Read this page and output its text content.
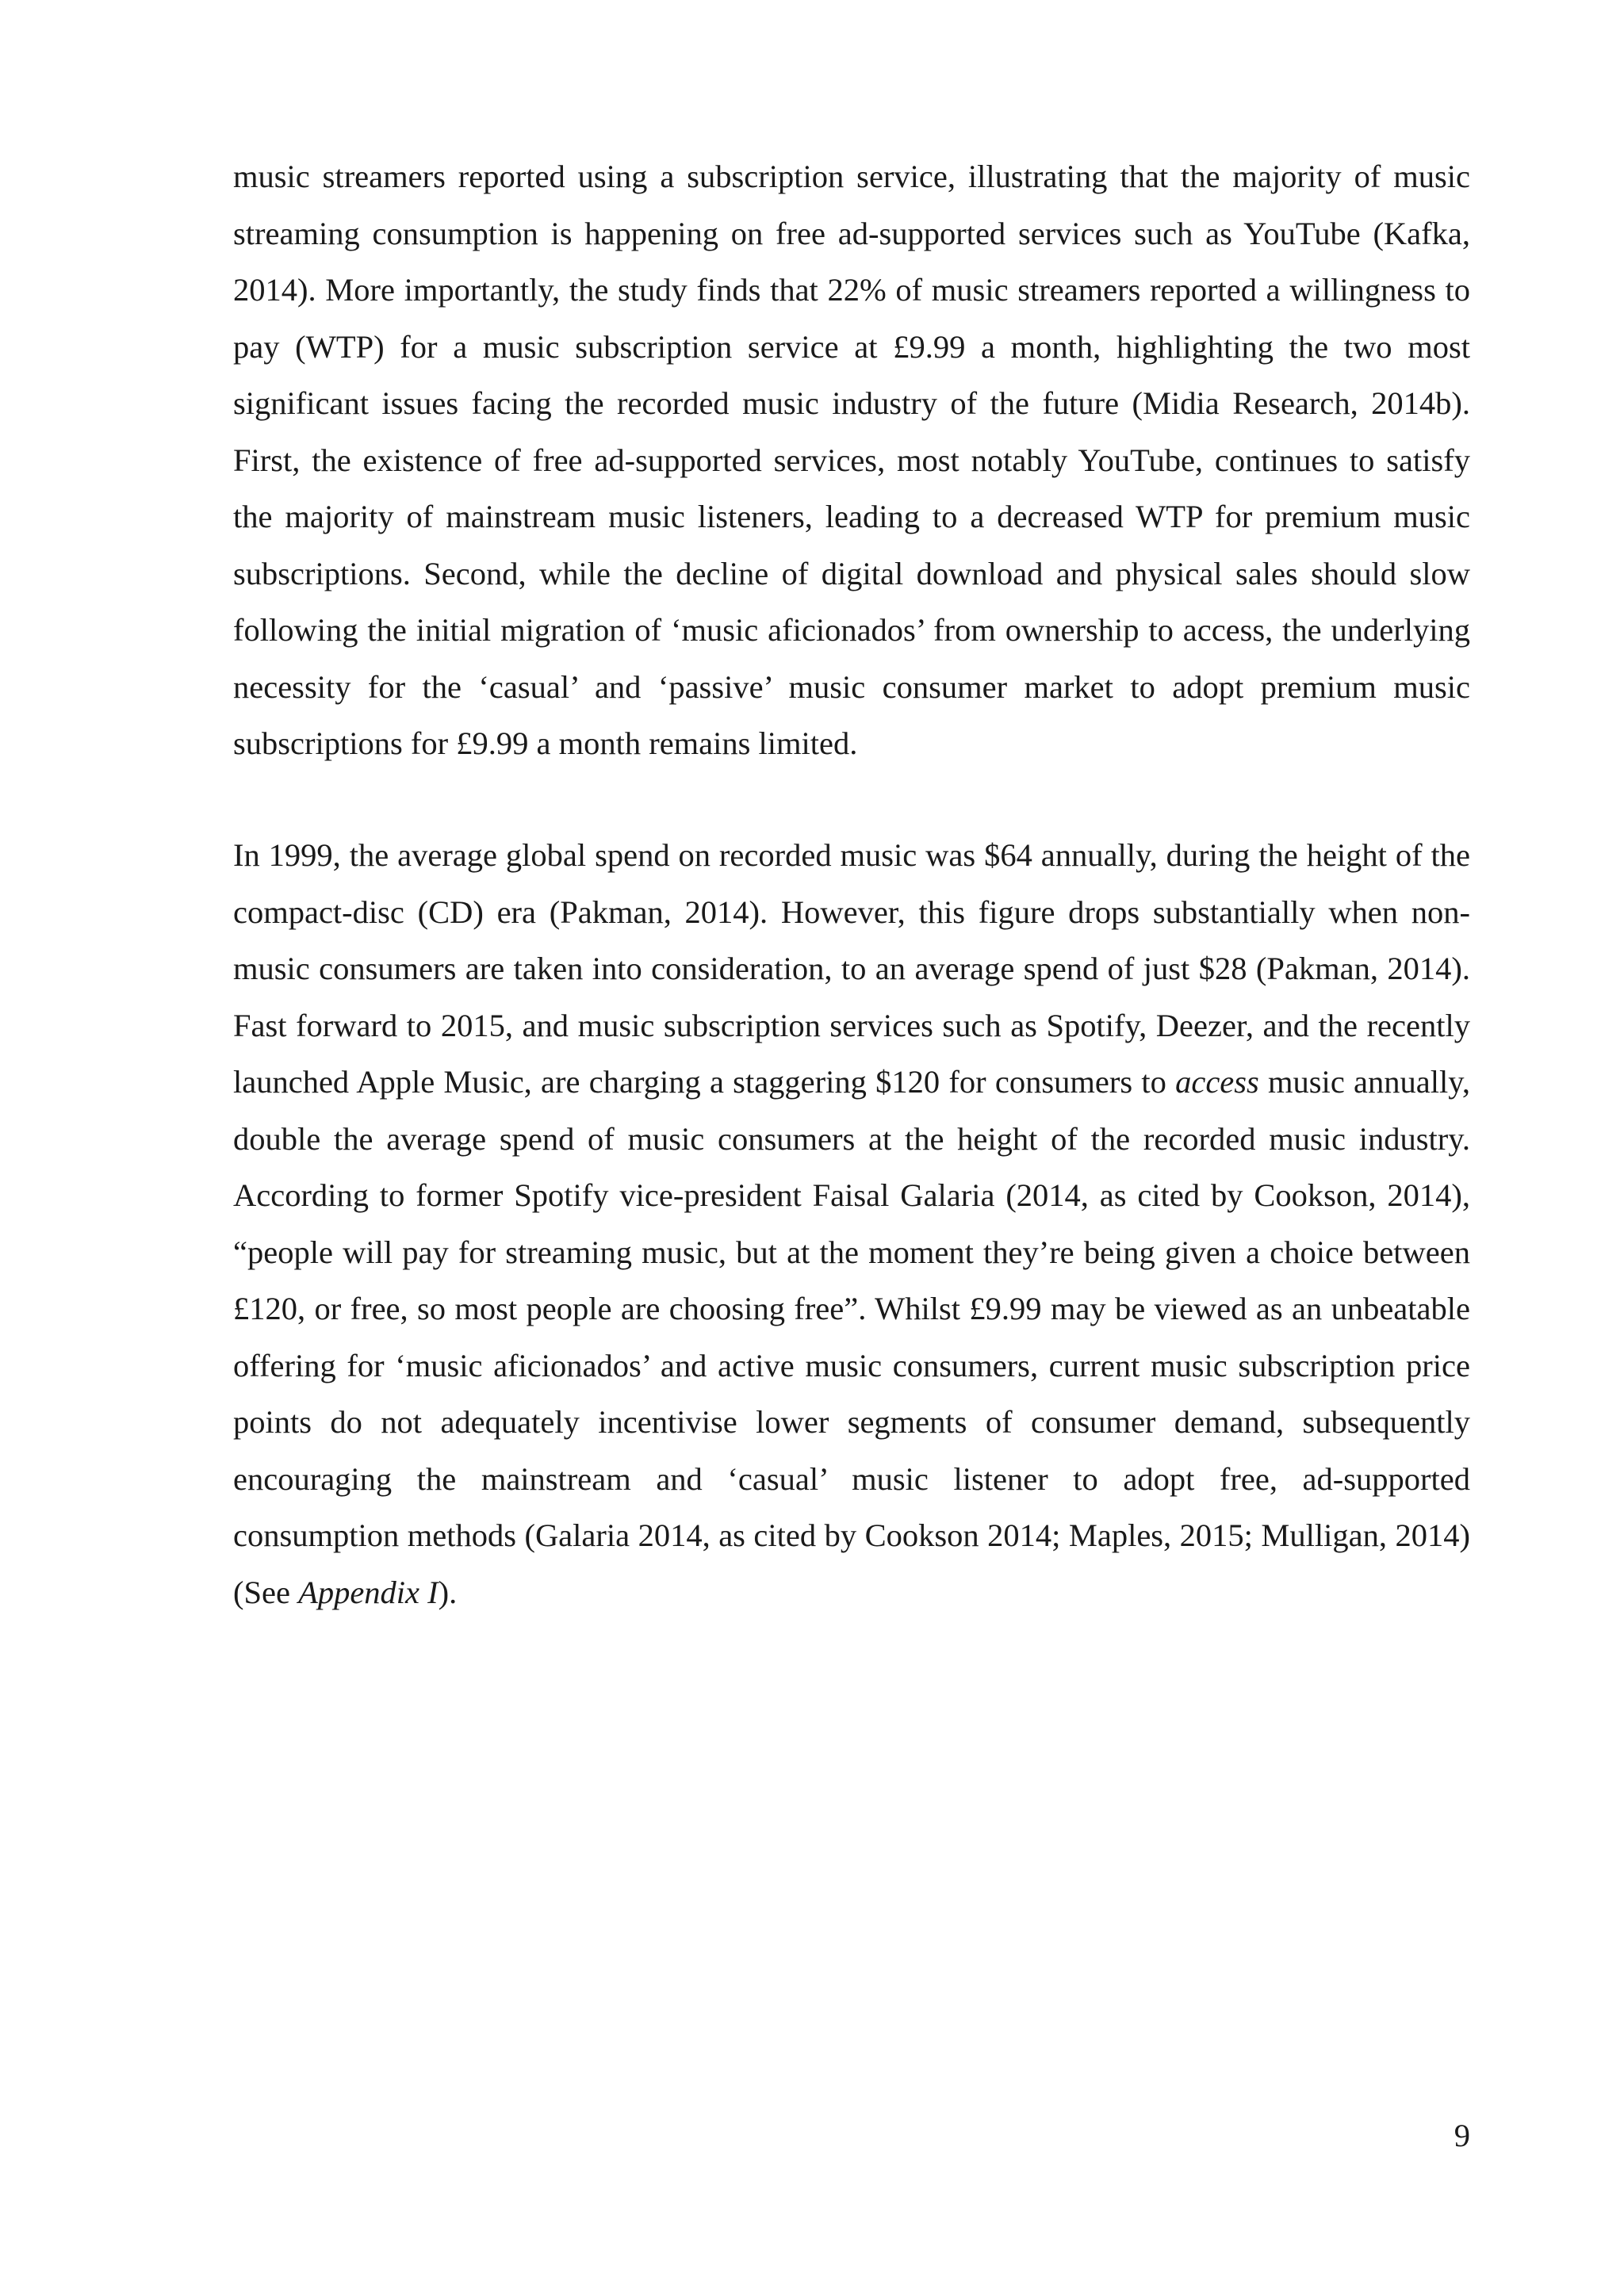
music streamers reported using a subscription service, illustrating that the majority of music streaming consumption is happening on free ad-supported services such as YouTube (Kafka, 2014). More importantly, the study finds that 22% of music streamers reported a willingness to pay (WTP) for a music subscription service at £9.99 a month, highlighting the two most significant issues facing the recorded music industry of the future (Midia Research, 2014b). First, the existence of free ad-supported services, most notably YouTube, continues to satisfy the majority of mainstream music listeners, leading to a decreased WTP for premium music subscriptions. Second, while the decline of digital download and physical sales should slow following the initial migration of ‘music aficionados’ from ownership to access, the underlying necessity for the ‘casual’ and ‘passive’ music consumer market to adopt premium music subscriptions for £9.99 a month remains limited.

In 1999, the average global spend on recorded music was $64 annually, during the height of the compact-disc (CD) era (Pakman, 2014). However, this figure drops substantially when non-music consumers are taken into consideration, to an average spend of just $28 (Pakman, 2014). Fast forward to 2015, and music subscription services such as Spotify, Deezer, and the recently launched Apple Music, are charging a staggering $120 for consumers to access music annually, double the average spend of music consumers at the height of the recorded music industry. According to former Spotify vice-president Faisal Galaria (2014, as cited by Cookson, 2014), “people will pay for streaming music, but at the moment they’re being given a choice between £120, or free, so most people are choosing free”. Whilst £9.99 may be viewed as an unbeatable offering for ‘music aficionados’ and active music consumers, current music subscription price points do not adequately incentivise lower segments of consumer demand, subsequently encouraging the mainstream and ‘casual’ music listener to adopt free, ad-supported consumption methods (Galaria 2014, as cited by Cookson 2014; Maples, 2015; Mulligan, 2014) (See Appendix I).

9
